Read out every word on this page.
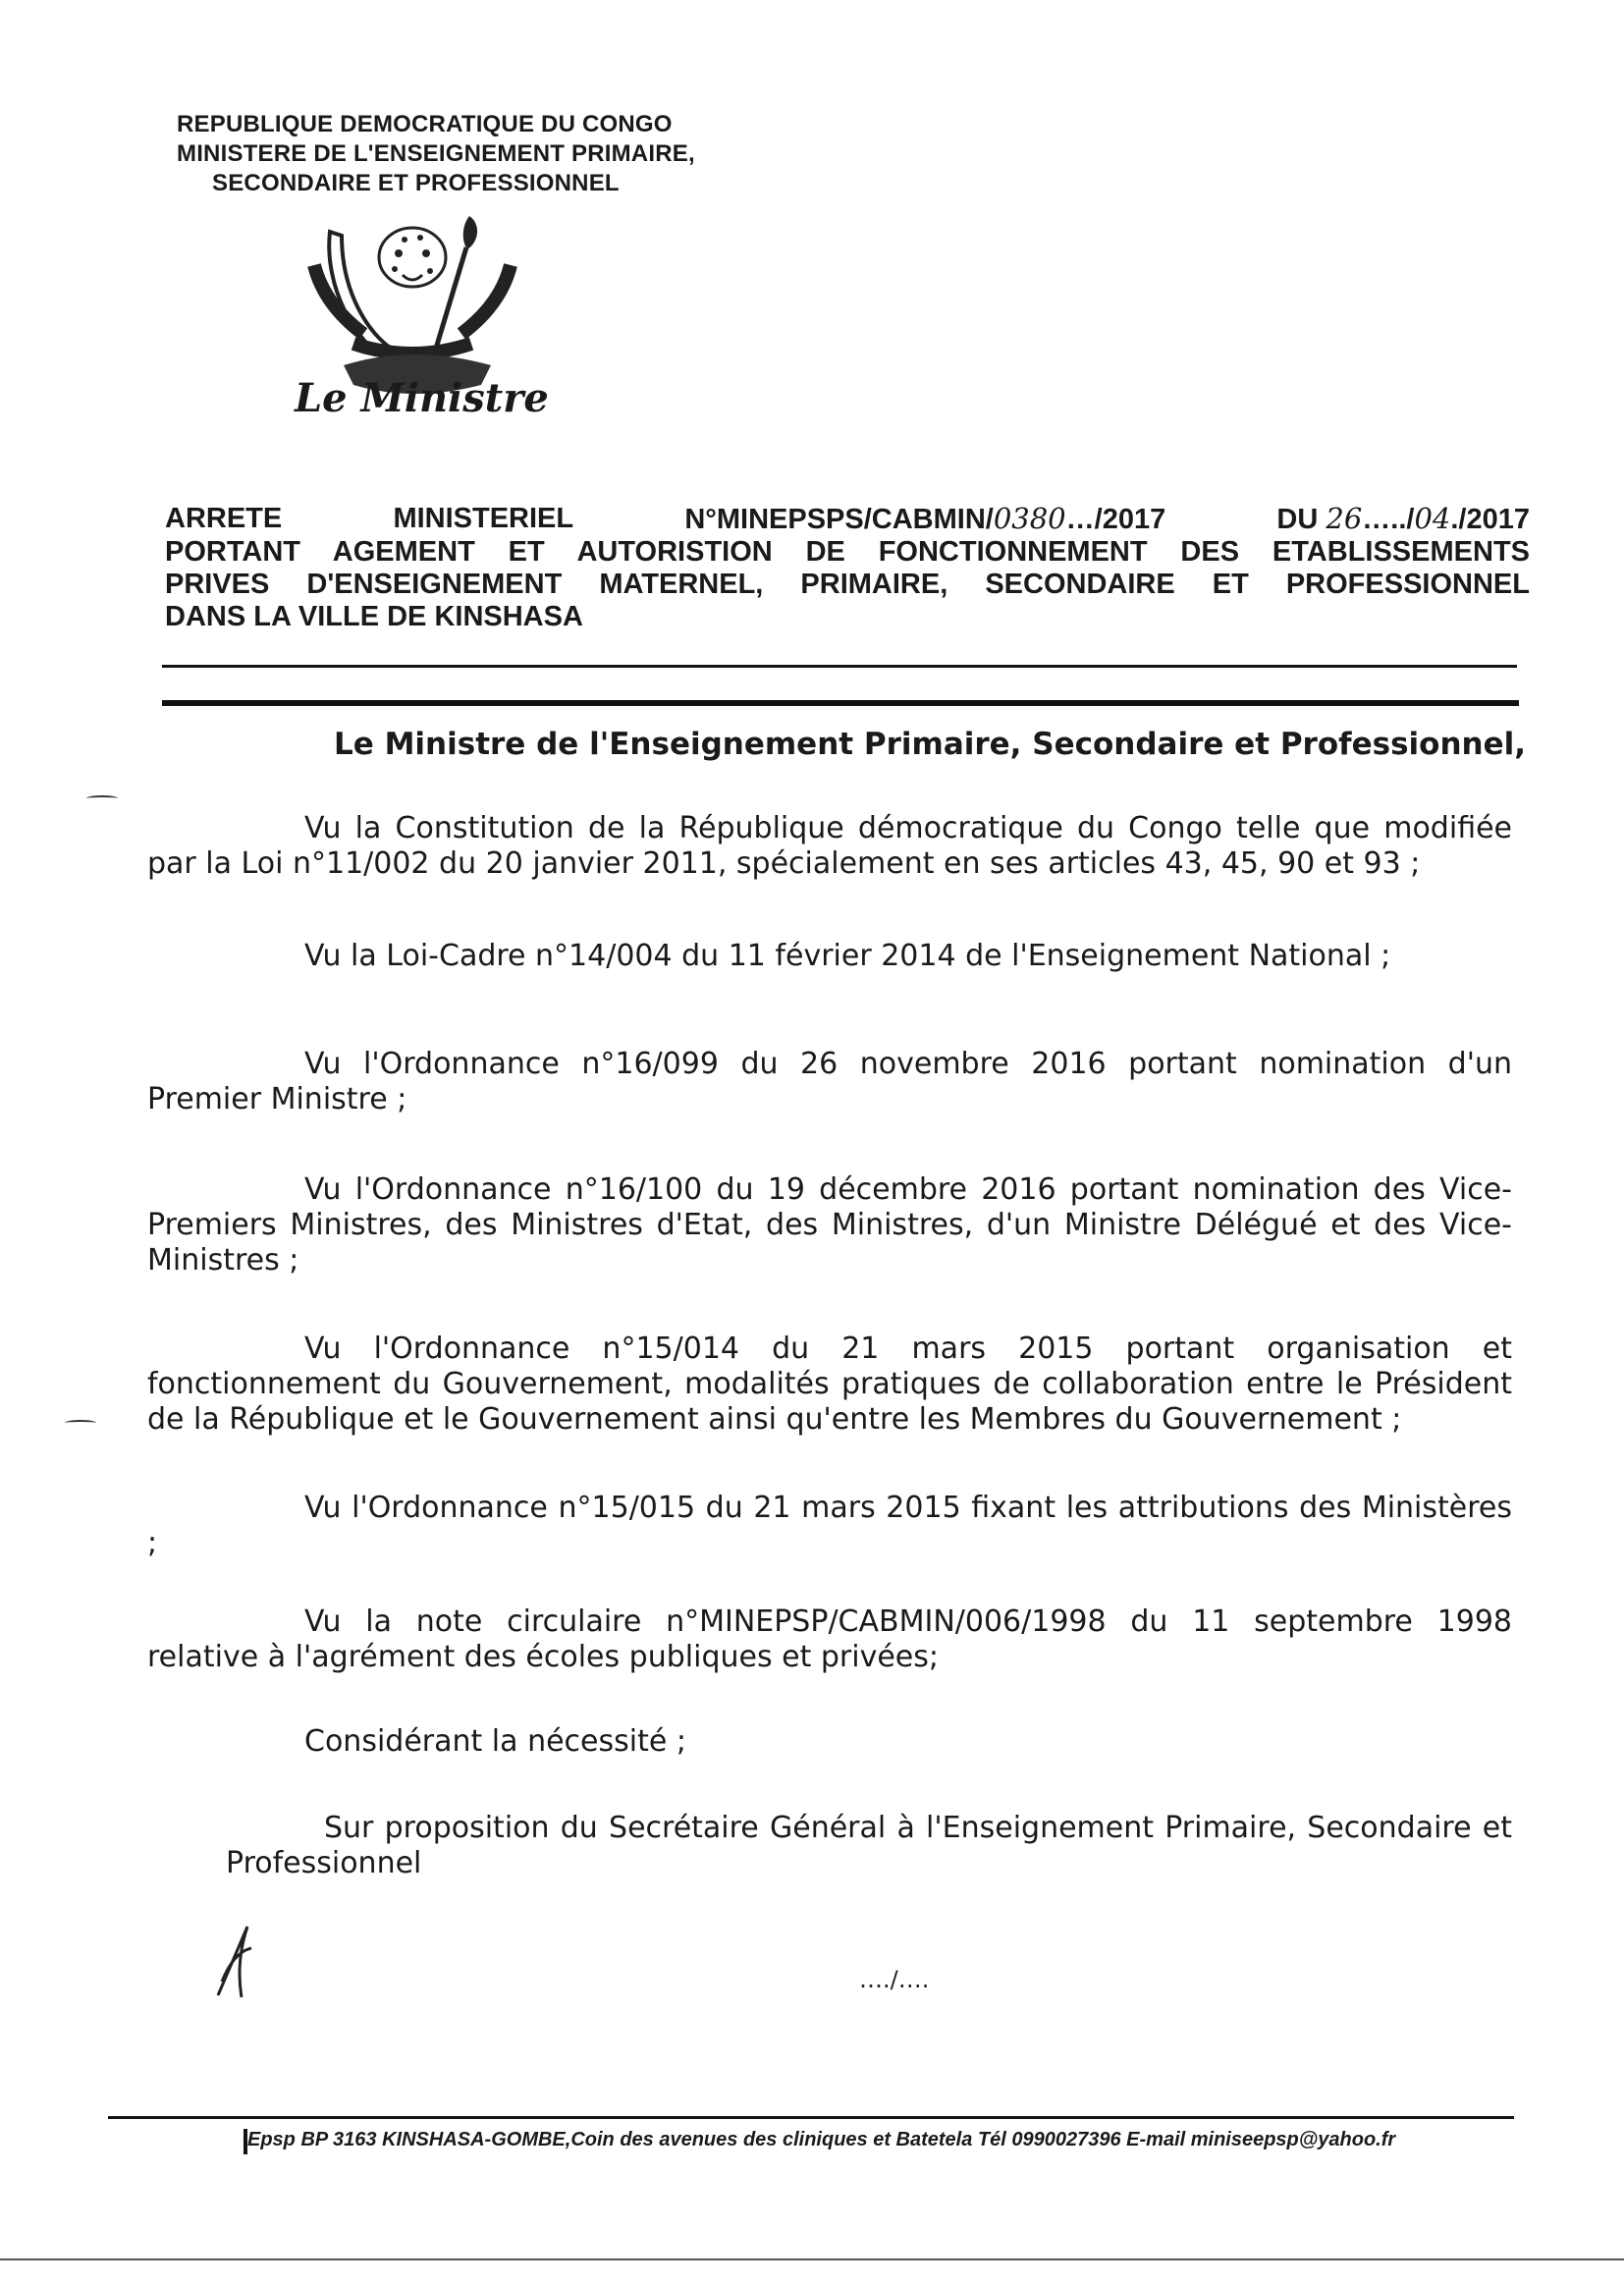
REPUBLIQUE DEMOCRATIQUE DU CONGO
MINISTERE DE L'ENSEIGNEMENT PRIMAIRE,
SECONDAIRE ET PROFESSIONNEL
Le Ministre
ARRETE	MINISTERIEL	N°MINEPSPS/CABMIN/0380…/2017	DU 26…../04./2017
PORTANT AGEMENT ET AUTORISTION DE FONCTIONNEMENT DES ETABLISSEMENTS
PRIVES D'ENSEIGNEMENT MATERNEL, PRIMAIRE, SECONDAIRE ET PROFESSIONNEL
DANS LA VILLE DE KINSHASA
Le Ministre de l'Enseignement Primaire, Secondaire et Professionnel,
Vu la Constitution de la République démocratique du Congo telle que modifiée par la Loi n°11/002 du 20 janvier 2011, spécialement en ses articles 43, 45, 90 et 93 ;
Vu la Loi-Cadre n°14/004 du 11 février 2014 de l'Enseignement National ;
Vu l'Ordonnance n°16/099 du 26 novembre 2016 portant nomination d'un Premier Ministre ;
Vu l'Ordonnance n°16/100 du 19 décembre 2016 portant nomination des Vice-Premiers Ministres, des Ministres d'Etat, des Ministres, d'un Ministre Délégué et des Vice-Ministres ;
Vu l'Ordonnance n°15/014 du 21 mars 2015 portant organisation et fonctionnement du Gouvernement, modalités pratiques de collaboration entre le Président de la République et le Gouvernement ainsi qu'entre les Membres du Gouvernement ;
Vu l'Ordonnance n°15/015 du 21 mars 2015 fixant les attributions des Ministères ;
Vu la note circulaire n°MINEPSP/CABMIN/006/1998 du 11 septembre 1998 relative à l'agrément des écoles publiques et privées;
Considérant la nécessité ;
Sur proposition du Secrétaire Général à l'Enseignement Primaire, Secondaire et Professionnel
…./….
Epsp BP 3163 KINSHASA-GOMBE,Coin des avenues des cliniques et Batetela Tél 0990027396 E-mail miniseepsp@yahoo.fr
